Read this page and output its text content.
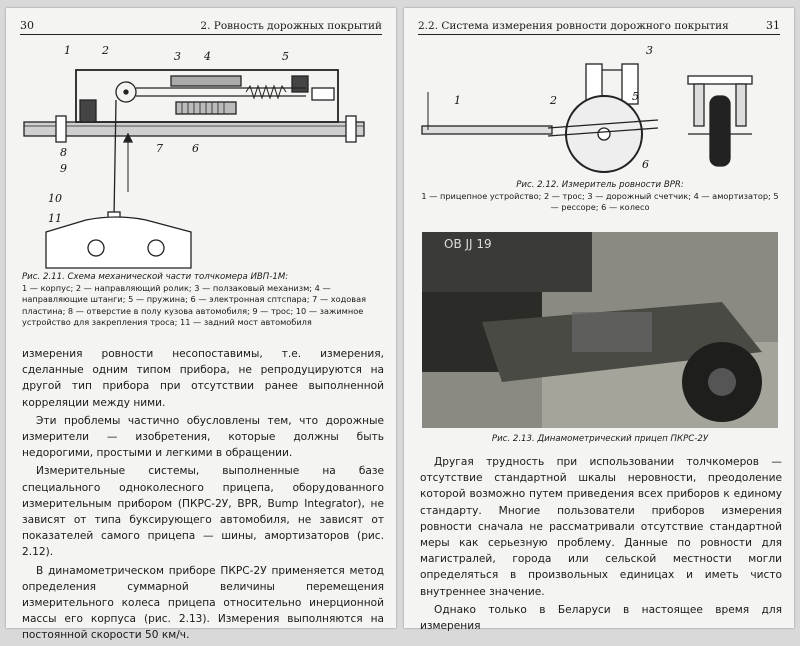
30	2. Ровность дорожных покрытий
1	2	3 4	5
6
7
8
9
10
11
Рис. 2.11. Схема механической части толчкомера ИВП-1М:
1 — корпус; 2 — направляющий ролик; 3 — ползаковый механизм; 4 — направляющие штанги; 5 — пружина; 6 — электронная сптспара; 7 — ходовая пластина; 8 — отверстие в полу кузова автомобиля; 9 — трос; 10 — зажимное устройство для закрепления троса; 11 — задний мост автомобиля

измерения ровности несопоставимы, т.е. измерения, сделанные одним типом прибора, не репродуцируются на другой тип прибора при отсутствии ранее выполненной корреляции между ними.

Эти проблемы частично обусловлены тем, что дорожные измерители — изобретения, которые должны быть недорогими, простыми и легкими в обращении.

Измерительные системы, выполненные на базе специального одноколесного прицепа, оборудованного измерительным прибором (ПКРС-2У, BPR, Bump Integrator), не зависят от типа буксирующего автомобиля, не зависят от показателей самого прицепа — шины, амортизаторов (рис. 2.12).

В динамометрическом приборе ПКРС-2У применяется метод определения суммарной величины перемещения измерительного колеса прицепа относительно инерционной массы его корпуса (рис. 2.13). Измерения выполняются на постоянной скорости 50 км/ч.

2.2. Система измерения ровности дорожного покрытия	31
1	2
3
5
6
Рис. 2.12. Измеритель ровности BPR:
1 — прицепное устройство; 2 — трос; 3 — дорожный счетчик; 4 — амортизатор; 5 — рессоре; 6 — колесо
OB JJ 19
Рис. 2.13. Динамометрический прицеп ПКРС-2У

Другая трудность при использовании толчкомеров — отсутствие стандартной шкалы неровности, преодоление которой возможно путем приведения всех приборов к единому стандарту. Многие пользователи приборов измерения ровности сначала не рассматривали отсутствие стандартной меры как серьезную проблему. Данные по ровности для магистралей, города или сельской местности могли определяться в произвольных единицах и иметь чисто внутреннее значение.

Однако только в Беларуси в настоящее время для измерения
